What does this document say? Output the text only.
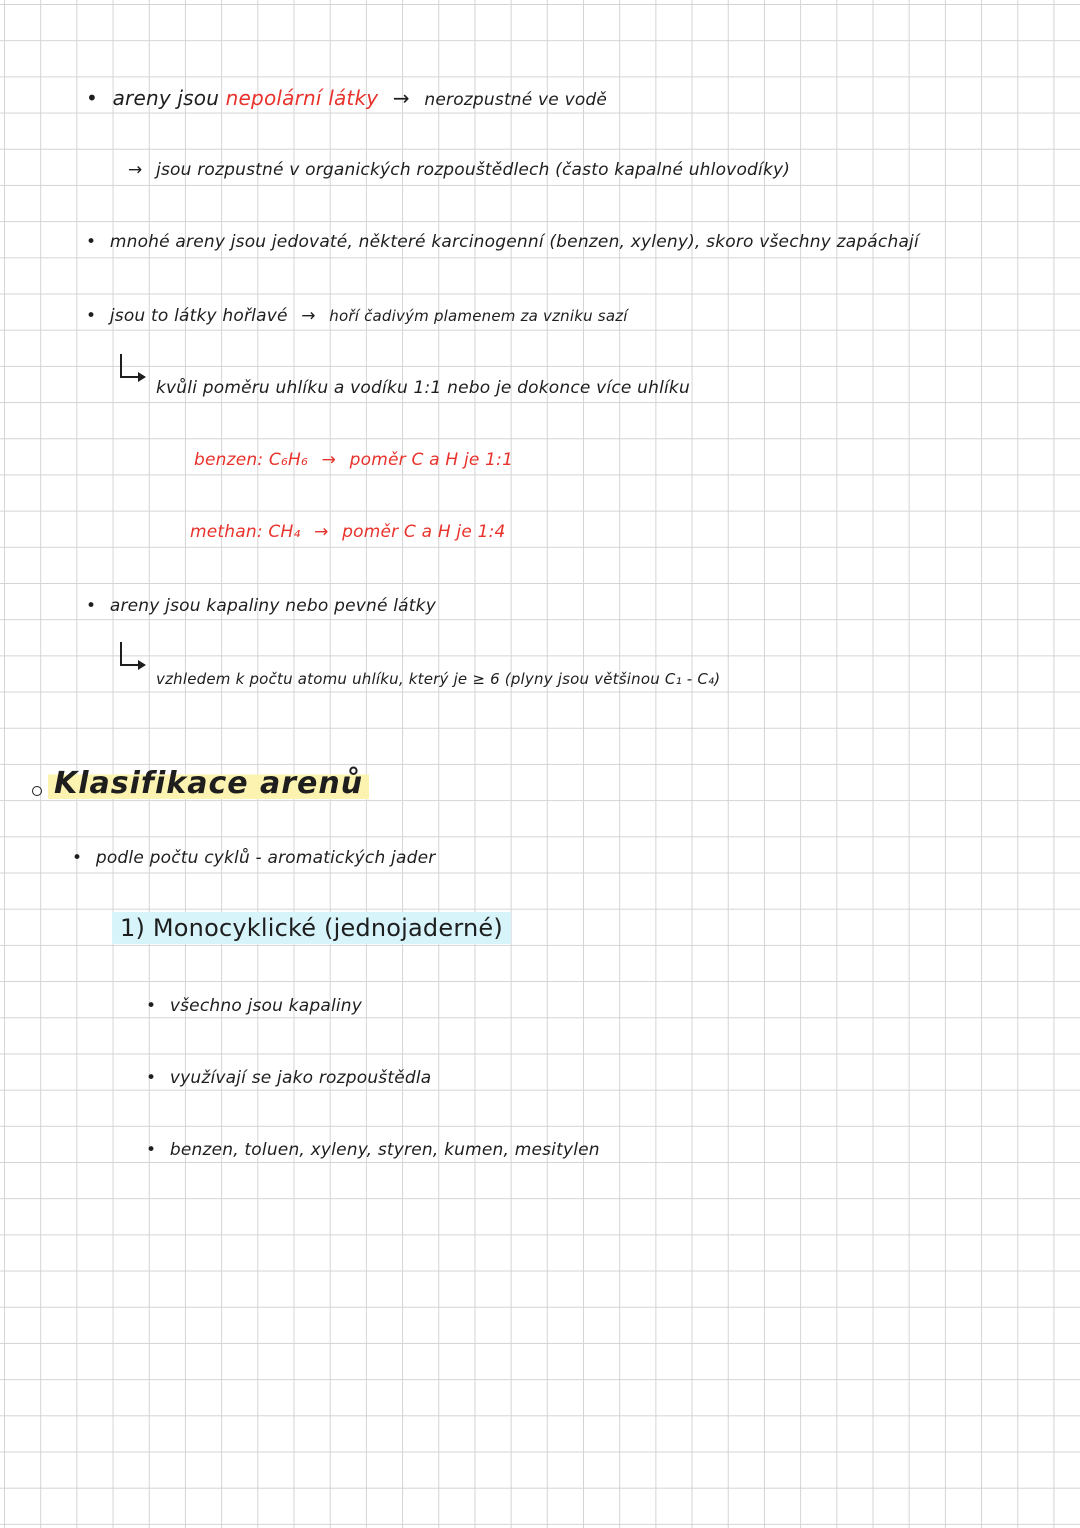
• areny jsou nepolární látky → nerozpustné ve vodě
→ jsou rozpustné v organických rozpouštědlech (často kapalné uhlovodíky)
• mnohé areny jsou jedovaté, některé karcinogenní (benzen, xyleny), skoro všechny zapáchají
• jsou to látky hořlavé → hoří čadivým plamenem za vzniku sazí
kvůli poměru uhlíku a vodíku 1:1 nebo je dokonce více uhlíku
benzen: C₆H₆ → poměr C a H je 1:1
methan: CH₄ → poměr C a H je 1:4
• areny jsou kapaliny nebo pevné látky
vzhledem k počtu atomu uhlíku, který je ≥ 6 (plyny jsou většinou C₁ - C₄)
Klasifikace arenů
• podle počtu cyklů - aromatických jader
1) Monocyklické (jednojaderné)
• všechno jsou kapaliny
• využívají se jako rozpouštědla
• benzen, toluen, xyleny, styren, kumen, mesitylen
